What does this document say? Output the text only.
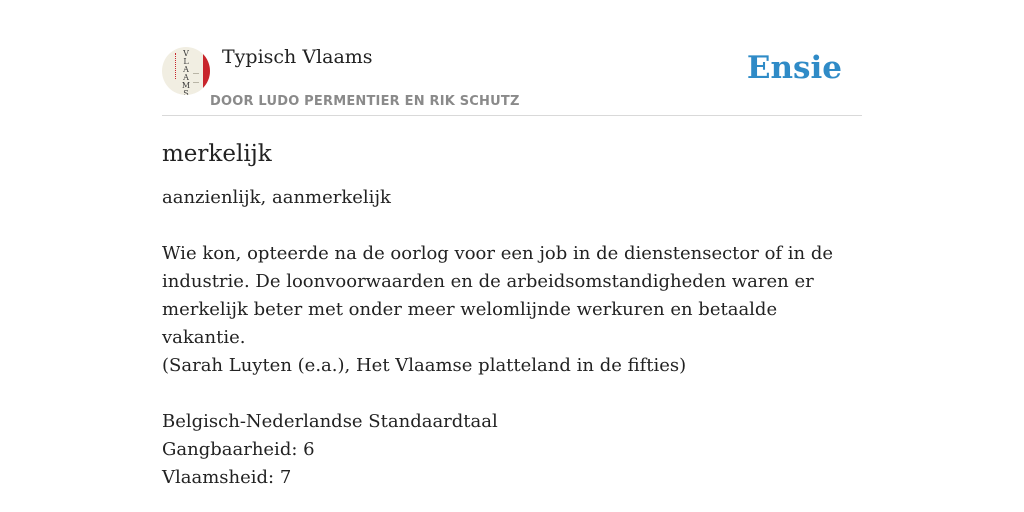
V
L
A
A
M
S
Typisch Vlaams
DOOR LUDO PERMENTIER EN RIK SCHUTZ
Ensie
merkelijk

aanzienlijk, aanmerkelijk

Wie kon, opteerde na de oorlog voor een job in de dienstensector of in de industrie. De loonvoorwaarden en de arbeidsomstandigheden waren er merkelijk beter met onder meer welomlijnde werkuren en betaalde vakantie.
(Sarah Luyten (e.a.), Het Vlaamse platteland in de fifties)

Belgisch-Nederlandse Standaardtaal
Gangbaarheid: 6
Vlaamsheid: 7
